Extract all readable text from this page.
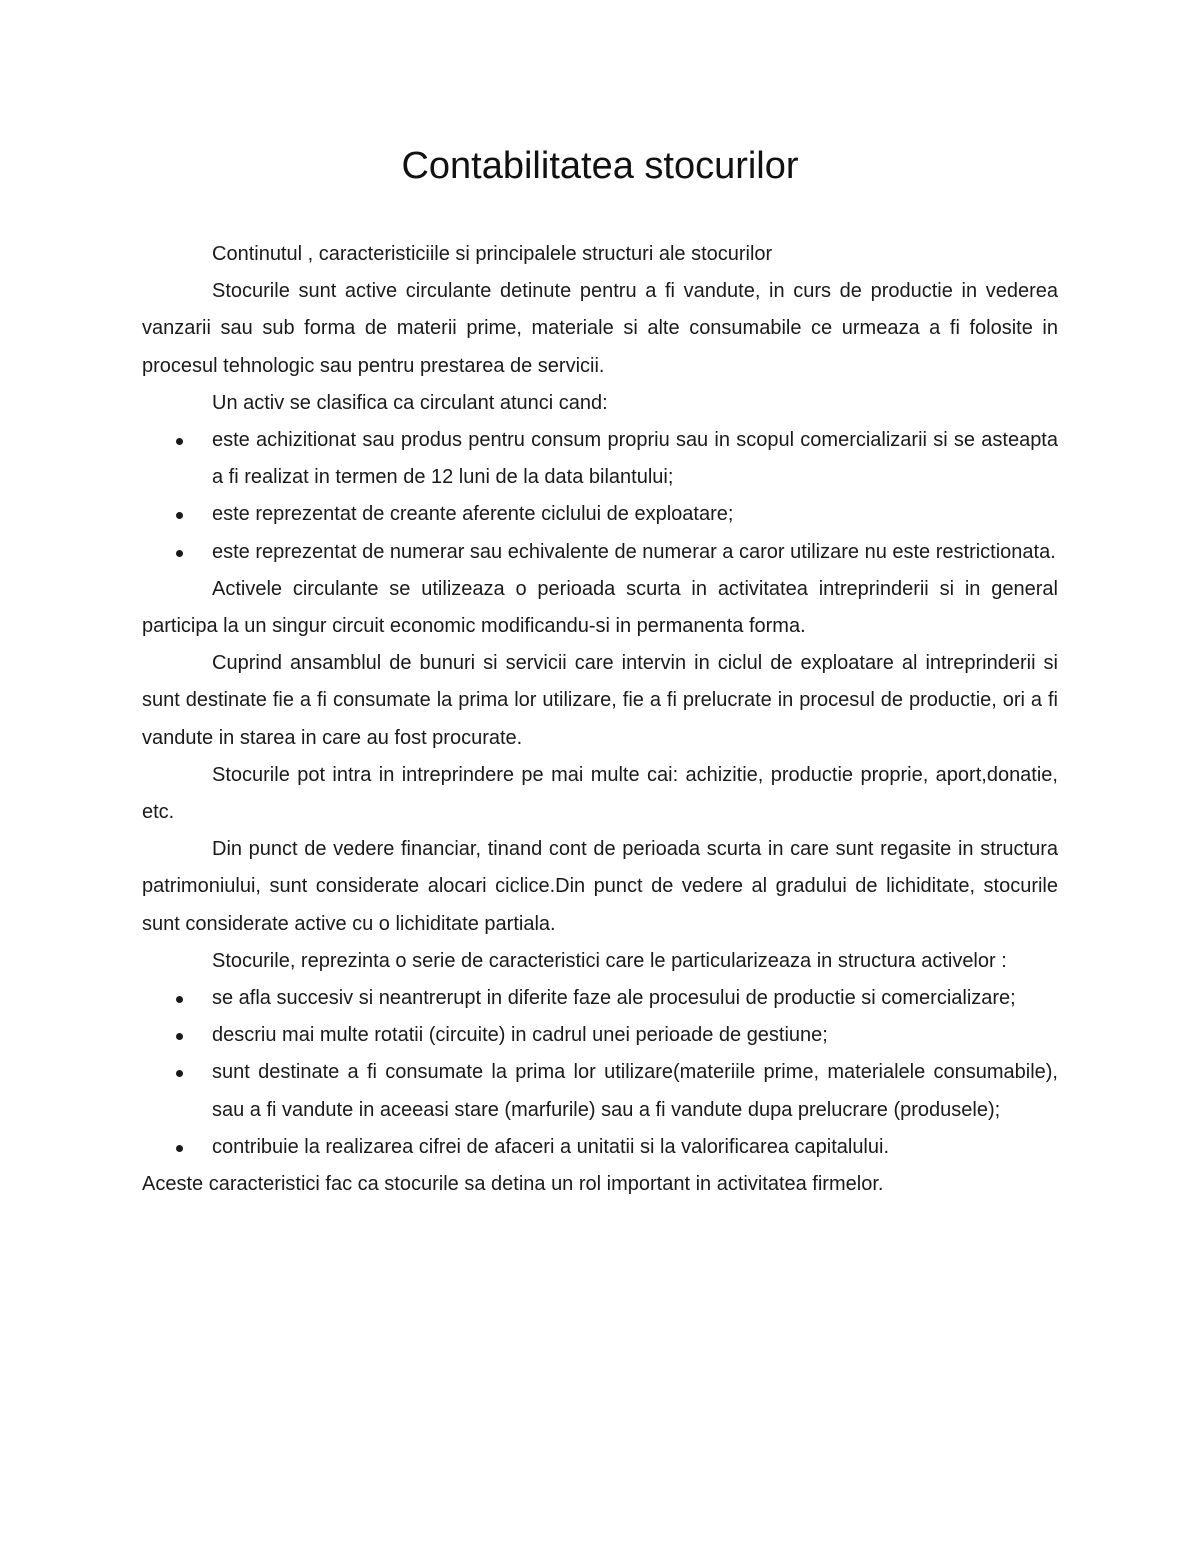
Contabilitatea stocurilor

Continutul , caracteristiciile si principalele structuri ale stocurilor

Stocurile sunt active circulante detinute pentru a fi vandute, in curs de productie in vederea vanzarii sau sub forma de materii prime, materiale si alte consumabile ce urmeaza a fi folosite in procesul tehnologic sau pentru prestarea de servicii.

Un activ se clasifica ca circulant atunci cand:

este achizitionat sau produs pentru consum propriu sau in scopul comercializarii si se asteapta a fi realizat in termen de 12 luni de la data bilantului;
este reprezentat de creante aferente ciclului de exploatare;
este reprezentat de numerar sau echivalente de numerar a caror utilizare nu este restrictionata.

Activele circulante se utilizeaza o perioada scurta in activitatea intreprinderii si in general participa la un singur circuit economic modificandu-si in permanenta forma.

Cuprind ansamblul de bunuri si servicii care intervin in ciclul de exploatare al intreprinderii si sunt destinate fie a fi consumate la prima lor utilizare, fie a fi prelucrate in procesul de productie, ori a fi vandute in starea in care au fost procurate.

Stocurile pot intra in intreprindere pe mai multe cai: achizitie, productie proprie, aport,donatie, etc.

Din punct de vedere financiar, tinand cont de perioada scurta in care sunt regasite in structura patrimoniului, sunt considerate alocari ciclice.Din punct de vedere al gradului de lichiditate, stocurile sunt considerate active cu o lichiditate partiala.

Stocurile, reprezinta o serie de caracteristici care le particularizeaza in structura activelor :

se afla succesiv si neantrerupt in diferite faze ale procesului de productie si comercializare;
descriu mai multe rotatii (circuite) in cadrul unei perioade de gestiune;
sunt destinate a fi consumate la prima lor utilizare(materiile prime, materialele consumabile), sau a fi vandute in aceeasi stare (marfurile) sau a fi vandute dupa prelucrare (produsele);
contribuie la realizarea cifrei de afaceri a unitatii si la valorificarea capitalului.

Aceste caracteristici fac ca stocurile sa detina un rol important in activitatea firmelor.
